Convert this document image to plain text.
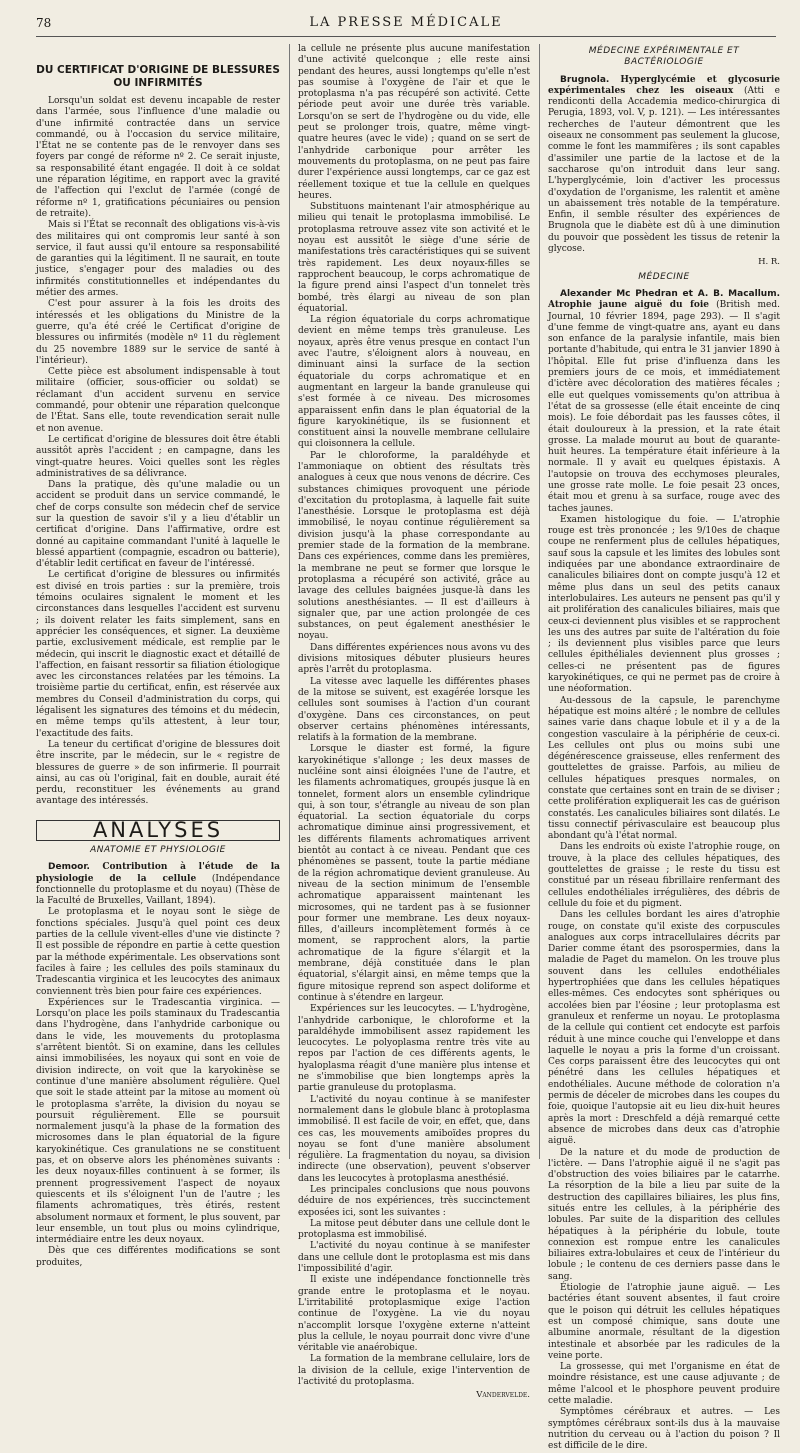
78	LA PRESSE MÉDICALE
DU CERTIFICAT D'ORIGINE DE BLESSURES OU INFIRMITÉS

Lorsqu'un soldat est devenu incapable de rester dans l'armée, sous l'influence d'une maladie ou d'une infirmité contractée dans un service commandé, ou à l'occasion du service militaire, l'État ne se contente pas de le renvoyer dans ses foyers par congé de réforme nº 2. Ce serait injuste, sa responsabilité étant engagée. Il doit à ce soldat une réparation légitime, en rapport avec la gravité de l'affection qui l'exclut de l'armée (congé de réforme nº 1, gratifications pécuniaires ou pension de retraite).

Mais si l'État se reconnaît des obligations vis-à-vis des militaires qui ont compromis leur santé à son service, il faut aussi qu'il entoure sa responsabilité de garanties qui la légitiment. Il ne saurait, en toute justice, s'engager pour des maladies ou des infirmités constitutionnelles et indépendantes du métier des armes.

C'est pour assurer à la fois les droits des intéressés et les obligations du Ministre de la guerre, qu'a été créé le Certificat d'origine de blessures ou infirmités (modèle nº 11 du règlement du 25 novembre 1889 sur le service de santé à l'intérieur).

Cette pièce est absolument indispensable à tout militaire (officier, sous-officier ou soldat) se réclamant d'un accident survenu en service commandé, pour obtenir une réparation quelconque de l'État. Sans elle, toute revendication serait nulle et non avenue.

Le certificat d'origine de blessures doit être établi aussitôt après l'accident ; en campagne, dans les vingt-quatre heures. Voici quelles sont les règles administratives de sa délivrance.

Dans la pratique, dès qu'une maladie ou un accident se produit dans un service commandé, le chef de corps consulte son médecin chef de service sur la question de savoir s'il y a lieu d'établir un certificat d'origine. Dans l'affirmative, ordre est donné au capitaine commandant l'unité à laquelle le blessé appartient (compagnie, escadron ou batterie), d'établir ledit certificat en faveur de l'intéressé.

Le certificat d'origine de blessures ou infirmités est divisé en trois parties : sur la première, trois témoins oculaires signalent le moment et les circonstances dans lesquelles l'accident est survenu ; ils doivent relater les faits simplement, sans en apprécier les conséquences, et signer. La deuxième partie, exclusivement médicale, est remplie par le médecin, qui inscrit le diagnostic exact et détaillé de l'affection, en faisant ressortir sa filiation étiologique avec les circonstances relatées par les témoins. La troisième partie du certificat, enfin, est réservée aux membres du Conseil d'administration du corps, qui légalisent les signatures des témoins et du médecin, en même temps qu'ils attestent, à leur tour, l'exactitude des faits.

La teneur du certificat d'origine de blessures doit être inscrite, par le médecin, sur le « registre de blessures de guerre » de son infirmerie. Il pourrait ainsi, au cas où l'original, fait en double, aurait été perdu, reconstituer les événements au grand avantage des intéressés.

ANALYSES
ANATOMIE ET PHYSIOLOGIE

Demoor. Contribution à l'étude de la physiologie de la cellule (Indépendance fonctionnelle du protoplasme et du noyau) (Thèse de la Faculté de Bruxelles, Vaillant, 1894).

Le protoplasma et le noyau sont le siège de fonctions spéciales. Jusqu'à quel point ces deux parties de la cellule vivent-elles d'une vie distincte ? Il est possible de répondre en partie à cette question par la méthode expérimentale. Les observations sont faciles à faire ; les cellules des poils staminaux du Tradescantia virginica et les leucocytes des animaux conviennent très bien pour faire ces expériences.

Expériences sur le Tradescantia virginica. — Lorsqu'on place les poils staminaux du Tradescantia dans l'hydrogène, dans l'anhydride carbonique ou dans le vide, les mouvements du protoplasma s'arrêtent bientôt. Si on examine, dans les cellules ainsi immobilisées, les noyaux qui sont en voie de division indirecte, on voit que la karyokinèse se continue d'une manière absolument régulière. Quel que soit le stade atteint par la mitose au moment où le protoplasma s'arrête, la division du noyau se poursuit régulièrement. Elle se poursuit normalement jusqu'à la phase de la formation des microsomes dans le plan équatorial de la figure karyokinétique. Ces granulations ne se constituent pas, et on observe alors les phénomènes suivants : les deux noyaux-filles continuent à se former, ils prennent progressivement l'aspect de noyaux quiescents et ils s'éloignent l'un de l'autre ; les filaments achromatiques, très étirés, restent absolument normaux et forment, le plus souvent, par leur ensemble, un tout plus ou moins cylindrique, intermédiaire entre les deux noyaux.

Dès que ces différentes modifications se sont produites,

la cellule ne présente plus aucune manifestation d'une activité quelconque ; elle reste ainsi pendant des heures, aussi longtemps qu'elle n'est pas soumise à l'oxygène de l'air et que le protoplasma n'a pas récupéré son activité. Cette période peut avoir une durée très variable. Lorsqu'on se sert de l'hydrogène ou du vide, elle peut se prolonger trois, quatre, même vingt-quatre heures (avec le vide) ; quand on se sert de l'anhydride carbonique pour arrêter les mouvements du protoplasma, on ne peut pas faire durer l'expérience aussi longtemps, car ce gaz est réellement toxique et tue la cellule en quelques heures.

Substituons maintenant l'air atmosphérique au milieu qui tenait le protoplasma immobilisé. Le protoplasma retrouve assez vite son activité et le noyau est aussitôt le siège d'une série de manifestations très caractéristiques qui se suivent très rapidement. Les deux noyaux-filles se rapprochent beaucoup, le corps achromatique de la figure prend ainsi l'aspect d'un tonnelet très bombé, très élargi au niveau de son plan équatorial.

La région équatoriale du corps achromatique devient en même temps très granuleuse. Les noyaux, après être venus presque en contact l'un avec l'autre, s'éloignent alors à nouveau, en diminuant ainsi la surface de la section équatoriale du corps achromatique et en augmentant en largeur la bande granuleuse qui s'est formée à ce niveau. Des microsomes apparaissent enfin dans le plan équatorial de la figure karyokinétique, ils se fusionnent et constituent ainsi la nouvelle membrane cellulaire qui cloisonnera la cellule.

Par le chloroforme, la paraldéhyde et l'ammoniaque on obtient des résultats très analogues à ceux que nous venons de décrire. Ces substances chimiques provoquent une période d'excitation du protoplasma, à laquelle fait suite l'anesthésie. Lorsque le protoplasma est déjà immobilisé, le noyau continue régulièrement sa division jusqu'à la phase correspondante au premier stade de la formation de la membrane. Dans ces expériences, comme dans les premières, la membrane ne peut se former que lorsque le protoplasma a récupéré son activité, grâce au lavage des cellules baignées jusque-là dans les solutions anesthésiantes. — Il est d'ailleurs à signaler que, par une action prolongée de ces substances, on peut également anesthésier le noyau.

Dans différentes expériences nous avons vu des divisions mitosiques débuter plusieurs heures après l'arrêt du protoplasma.

La vitesse avec laquelle les différentes phases de la mitose se suivent, est exagérée lorsque les cellules sont soumises à l'action d'un courant d'oxygène. Dans ces circonstances, on peut observer certains phénomènes intéressants, relatifs à la formation de la membrane.

Lorsque le diaster est formé, la figure karyokinétique s'allonge ; les deux masses de nucléine sont ainsi éloignées l'une de l'autre, et les filaments achromatiques, groupés jusque là en tonnelet, forment alors un ensemble cylindrique qui, à son tour, s'étrangle au niveau de son plan équatorial. La section équatoriale du corps achromatique diminue ainsi progressivement, et les différents filaments achromatiques arrivent bientôt au contact à ce niveau. Pendant que ces phénomènes se passent, toute la partie médiane de la région achromatique devient granuleuse. Au niveau de la section minimum de l'ensemble achromatique apparaissent maintenant les microsomes, qui ne tardent pas à se fusionner pour former une membrane. Les deux noyaux-filles, d'ailleurs incomplètement formés à ce moment, se rapprochent alors, la partie achromatique de la figure s'élargit et la membrane, déjà constituée dans le plan équatorial, s'élargit ainsi, en même temps que la figure mitosique reprend son aspect doliforme et continue à s'étendre en largeur.

Expériences sur les leucocytes. — L'hydrogène, l'anhydride carbonique, le chloroforme et la paraldéhyde immobilisent assez rapidement les leucocytes. Le polyoplasma rentre très vite au repos par l'action de ces différents agents, le hyaloplasma réagit d'une manière plus intense et ne s'immobilise que bien longtemps après la partie granuleuse du protoplasma.

L'activité du noyau continue à se manifester normalement dans le globule blanc à protoplasma immobilisé. Il est facile de voir, en effet, que, dans ces cas, les mouvements amiboïdes propres du noyau se font d'une manière absolument régulière. La fragmentation du noyau, sa division indirecte (une observation), peuvent s'observer dans les leucocytes à protoplasma anesthésié.

Les principales conclusions que nous pouvons déduire de nos expériences, très succinctement exposées ici, sont les suivantes :

La mitose peut débuter dans une cellule dont le protoplasma est immobilisé.

L'activité du noyau continue à se manifester dans une cellule dont le protoplasma est mis dans l'impossibilité d'agir.

Il existe une indépendance fonctionnelle très grande entre le protoplasma et le noyau. L'irritabilité protoplasmique exige l'action continue de l'oxygène. La vie du noyau n'accomplit lorsque l'oxygène externe n'atteint plus la cellule, le noyau pourrait donc vivre d'une véritable vie anaérobique.

La formation de la membrane cellulaire, lors de la division de la cellule, exige l'intervention de l'activité du protoplasma.

Vandervelde.
MÉDECINE EXPÉRIMENTALE ET BACTÉRIOLOGIE

Brugnola. Hyperglycémie et glycosurie expérimentales chez les oiseaux (Atti e rendiconti della Accademia medico-chirurgica di Perugia, 1893, vol. V, p. 121). — Les intéressantes recherches de l'auteur démontrent que les oiseaux ne consomment pas seulement la glucose, comme le font les mammifères ; ils sont capables d'assimiler une partie de la lactose et de la saccharose qu'on introduit dans leur sang. L'hyperglycémie, loin d'activer les processus d'oxydation de l'organisme, les ralentit et amène un abaissement très notable de la température. Enfin, il semble résulter des expériences de Brugnola que le diabète est dû à une diminution du pouvoir que possèdent les tissus de retenir la glycose.

H. R.
MÉDECINE

Alexander Mc Phedran et A. B. Macallum. Atrophie jaune aiguë du foie (British med. Journal, 10 février 1894, page 293). — Il s'agit d'une femme de vingt-quatre ans, ayant eu dans son enfance de la paralysie infantile, mais bien portante d'habitude, qui entra le 31 janvier 1890 à l'hôpital. Elle fut prise d'influenza dans les premiers jours de ce mois, et immédiatement d'ictère avec décoloration des matières fécales ; elle eut quelques vomissements qu'on attribua à l'état de sa grossesse (elle était enceinte de cinq mois). Le foie débordait pas les fausses côtes, il était douloureux à la pression, et la rate était grosse. La malade mourut au bout de quarante-huit heures. La température était inférieure à la normale. Il y avait eu quelques épistaxis. A l'autopsie on trouva des ecchymoses pleurales, une grosse rate molle. Le foie pesait 23 onces, était mou et grenu à sa surface, rouge avec des taches jaunes.

Examen histologique du foie. — L'atrophie rouge est très prononcée ; les 9/10es de chaque coupe ne renferment plus de cellules hépatiques, sauf sous la capsule et les limites des lobules sont indiquées par une abondance extraordinaire de canalicules biliaires dont on compte jusqu'à 12 et même plus dans un seul des petits canaux interlobulaires. Les auteurs ne pensent pas qu'il y ait prolifération des canalicules biliaires, mais que ceux-ci deviennent plus visibles et se rapprochent les uns des autres par suite de l'altération du foie ; ils deviennent plus visibles parce que leurs cellules épithéliales deviennent plus grosses ; celles-ci ne présentent pas de figures karyokinétiques, ce qui ne permet pas de croire à une néoformation.

Au-dessous de la capsule, le parenchyme hépatique est moins altéré ; le nombre de cellules saines varie dans chaque lobule et il y a de la congestion vasculaire à la périphérie de ceux-ci. Les cellules ont plus ou moins subi une dégénérescence graisseuse, elles renferment des gouttelettes de graisse. Parfois, au milieu de cellules hépatiques presques normales, on constate que certaines sont en train de se diviser ; cette prolifération expliquerait les cas de guérison constatés. Les canalicules biliaires sont dilatés. Le tissu connectif périvasculaire est beaucoup plus abondant qu'à l'état normal.

Dans les endroits où existe l'atrophie rouge, on trouve, à la place des cellules hépatiques, des gouttelettes de graisse ; le reste du tissu est constitué par un réseau fibrillaire renfermant des cellules endothéliales irrégulières, des débris de cellule du foie et du pigment.

Dans les cellules bordant les aires d'atrophie rouge, on constate qu'il existe des corpuscules analogues aux corps intracellulaires décrits par Darier comme étant des psorospermies, dans la maladie de Paget du mamelon. On les trouve plus souvent dans les cellules endothéliales hypertrophiées que dans les cellules hépatiques elles-mêmes. Ces endocytes sont sphériques ou accolées bien par l'éosine ; leur protoplasma est granuleux et renferme un noyau. Le protoplasma de la cellule qui contient cet endocyte est parfois réduit à une mince couche qui l'enveloppe et dans laquelle le noyau a pris la forme d'un croissant. Ces corps paraissent être des leucocytes qui ont pénétré dans les cellules hépatiques et endothéliales. Aucune méthode de coloration n'a permis de déceler de microbes dans les coupes du foie, quoique l'autopsie ait eu lieu dix-huit heures après la mort : Dreschfeld a déjà remarqué cette absence de microbes dans deux cas d'atrophie aiguë.

De la nature et du mode de production de l'ictère. — Dans l'atrophie aiguë il ne s'agit pas d'obstruction des voies biliaires par le catarrhe. La résorption de la bile a lieu par suite de la destruction des capillaires biliaires, les plus fins, situés entre les cellules, à la périphérie des lobules. Par suite de la disparition des cellules hépatiques à la périphérie du lobule, toute connexion est rompue entre les canalicules biliaires extra-lobulaires et ceux de l'intérieur du lobule ; le contenu de ces derniers passe dans le sang.

Étiologie de l'atrophie jaune aiguë. — Les bactéries étant souvent absentes, il faut croire que le poison qui détruit les cellules hépatiques est un composé chimique, sans doute une albumine anormale, résultant de la digestion intestinale et absorbée par les radicules de la veine porte.

La grossesse, qui met l'organisme en état de moindre résistance, est une cause adjuvante ; de même l'alcool et le phosphore peuvent produire cette maladie.

Symptômes cérébraux et autres. — Les symptômes cérébraux sont-ils dus à la mauvaise nutrition du cerveau ou à l'action du poison ? Il est difficile de le dire.
